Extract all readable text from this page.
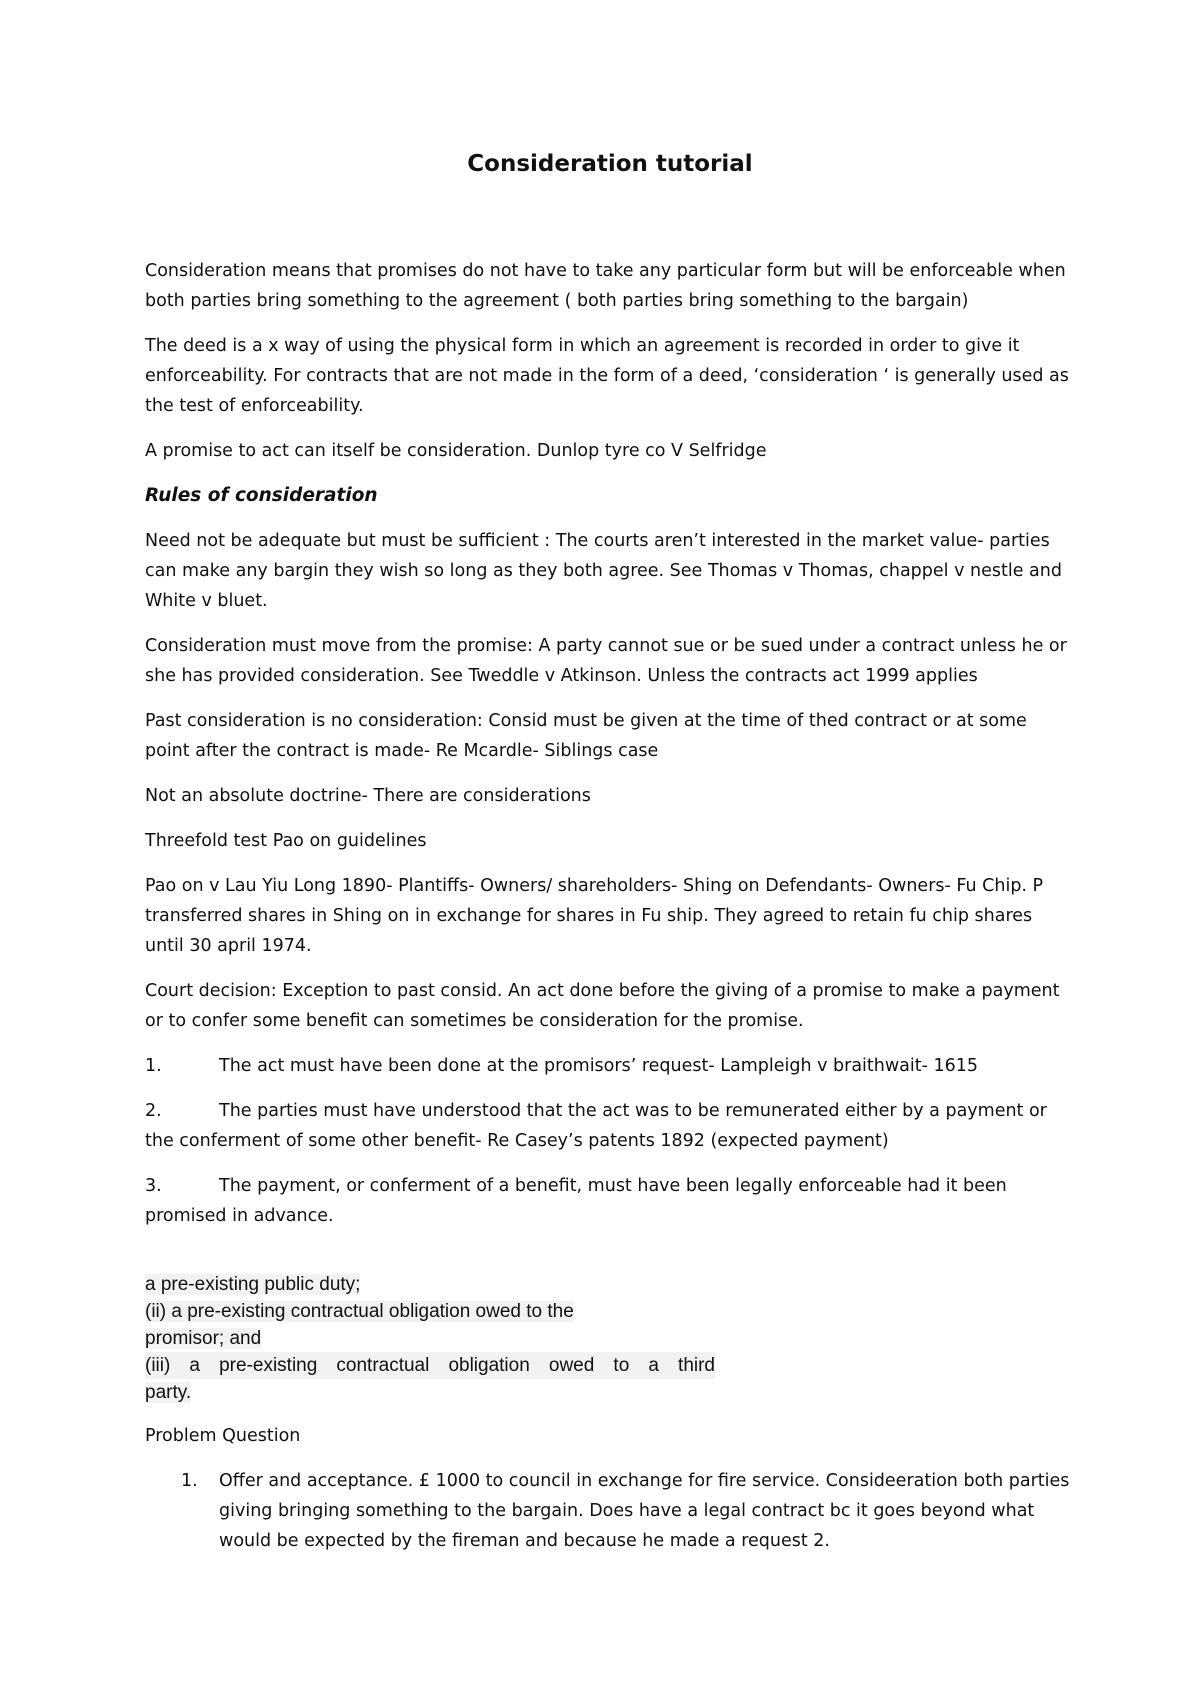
Consideration tutorial

Consideration means that promises do not have to take any particular form but will be enforceable when both parties bring something to the agreement ( both parties bring something to the bargain)

The deed is a x way of using the physical form in which an agreement is recorded in order to give it enforceability. For contracts that are not made in the form of a deed, ‘consideration ‘ is generally used as the test of enforceability.

A promise to act can itself be consideration. Dunlop tyre co V Selfridge

Rules of consideration

Need not be adequate but must be sufficient : The courts aren’t interested in the market value- parties can make any bargin they wish so long as they both agree. See Thomas v Thomas, chappel v nestle and White v bluet.

Consideration must move from the promise: A party cannot sue or be sued under a contract unless he or she has provided consideration. See Tweddle v Atkinson. Unless the contracts act 1999 applies

Past consideration is no consideration: Consid must be given at the time of thed contract or at some point after the contract is made- Re Mcardle- Siblings case

Not an absolute doctrine- There are considerations

Threefold test Pao on guidelines

Pao on v Lau Yiu Long 1890- Plantiffs- Owners/ shareholders- Shing on Defendants- Owners- Fu Chip. P transferred shares in Shing on in exchange for shares in Fu ship. They agreed to retain fu chip shares until 30 april 1974.

Court decision: Exception to past consid. An act done before the giving of a promise to make a payment or to confer some benefit can sometimes be consideration for the promise.

1.	The act must have been done at the promisors’ request- Lampleigh v braithwait- 1615

2.	The parties must have understood that the act was to be remunerated either by a payment or the conferment of some other benefit- Re Casey’s patents 1892 (expected payment)

3.	The payment, or conferment of a benefit, must have been legally enforceable had it been promised in advance.

a pre-existing public duty;
(ii) a pre-existing contractual obligation owed to the
promisor; and
(iii) a pre-existing contractual obligation owed to a third
party.

Problem Question

1. Offer and acceptance. £ 1000 to council in exchange for fire service. Consideeration both parties giving bringing something to the bargain. Does have a legal contract bc it goes beyond what would be expected by the fireman and because he made a request 2.
